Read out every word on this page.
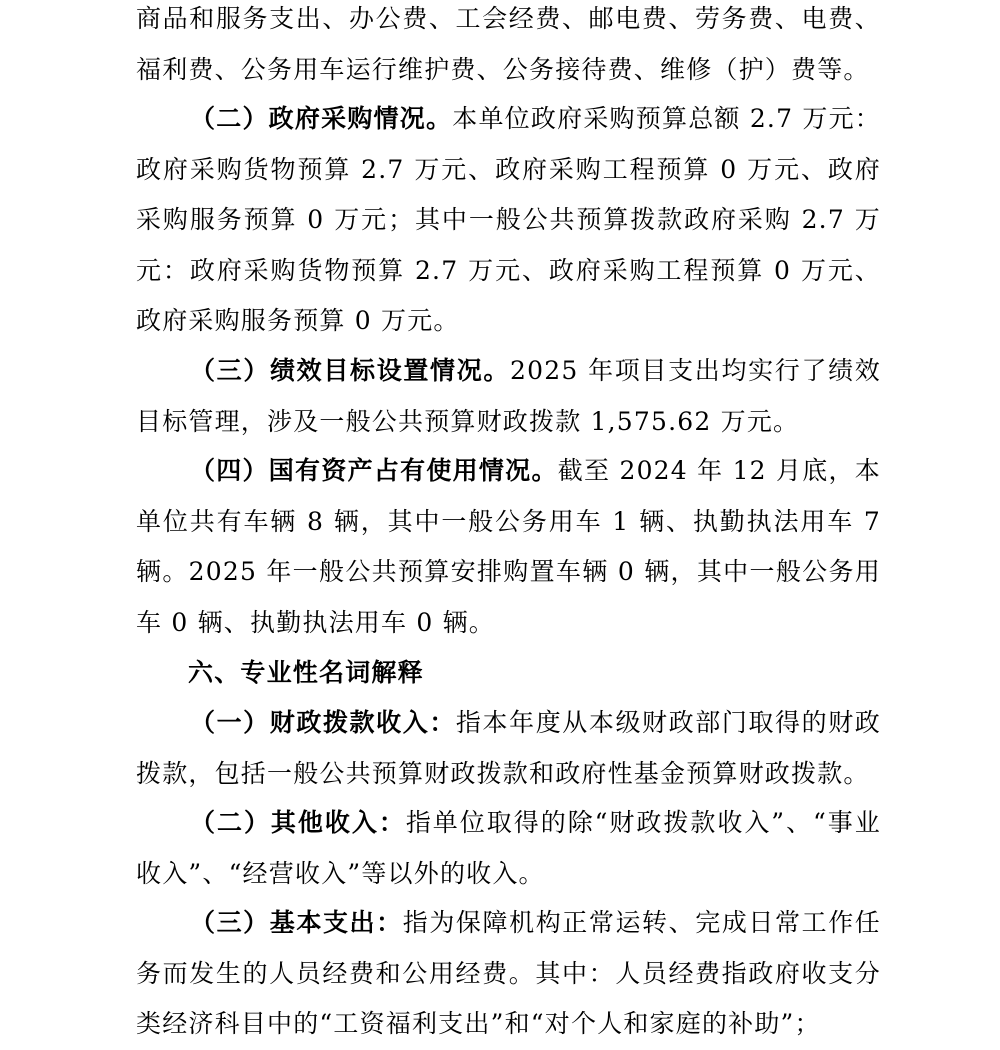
商品和服务支出、办公费、工会经费、邮电费、劳务费、电费、福利费、公务用车运行维护费、公务接待费、维修（护）费等。

（二）政府采购情况。本单位政府采购预算总额 2.7 万元：政府采购货物预算 2.7 万元、政府采购工程预算 0 万元、政府采购服务预算 0 万元；其中一般公共预算拨款政府采购 2.7 万元：政府采购货物预算 2.7 万元、政府采购工程预算 0 万元、政府采购服务预算 0 万元。

（三）绩效目标设置情况。2025 年项目支出均实行了绩效目标管理，涉及一般公共预算财政拨款 1,575.62 万元。

（四）国有资产占有使用情况。截至 2024 年 12 月底，本单位共有车辆 8 辆，其中一般公务用车 1 辆、执勤执法用车 7 辆。2025 年一般公共预算安排购置车辆 0 辆，其中一般公务用车 0 辆、执勤执法用车 0 辆。

六、专业性名词解释

（一）财政拨款收入：指本年度从本级财政部门取得的财政拨款，包括一般公共预算财政拨款和政府性基金预算财政拨款。

（二）其他收入：指单位取得的除“财政拨款收入”、“事业收入”、“经营收入”等以外的收入。

（三）基本支出：指为保障机构正常运转、完成日常工作任务而发生的人员经费和公用经费。其中：人员经费指政府收支分类经济科目中的“工资福利支出”和“对个人和家庭的补助”；
